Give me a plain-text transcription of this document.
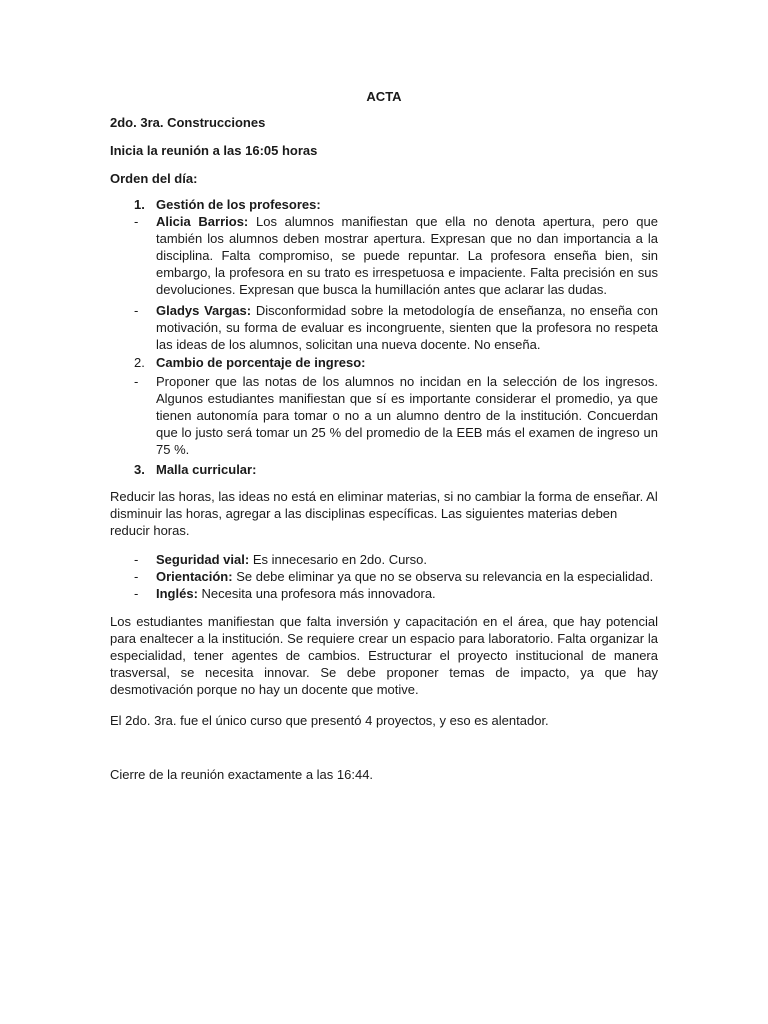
ACTA
2do. 3ra. Construcciones
Inicia la reunión a las 16:05 horas
Orden del día:
1. Gestión de los profesores:
-	Alicia Barrios: Los alumnos manifiestan que ella no denota apertura, pero que también los alumnos deben mostrar apertura. Expresan que no dan importancia a la disciplina. Falta compromiso, se puede repuntar. La profesora enseña bien, sin embargo, la profesora en su trato es irrespetuosa e impaciente. Falta precisión en sus devoluciones. Expresan que busca la humillación antes que aclarar las dudas.
-	Gladys Vargas: Disconformidad sobre la metodología de enseñanza, no enseña con motivación, su forma de evaluar es incongruente, sienten que la profesora no respeta las ideas de los alumnos, solicitan una nueva docente. No enseña.
2. Cambio de porcentaje de ingreso:
-	Proponer que las notas de los alumnos no incidan en la selección de los ingresos. Algunos estudiantes manifiestan que sí es importante considerar el promedio, ya que tienen autonomía para tomar o no a un alumno dentro de la institución. Concuerdan que lo justo será tomar un 25 % del promedio de la EEB más el examen de ingreso un 75 %.
3. Malla curricular:
Reducir las horas, las ideas no está en eliminar materias, si no cambiar la forma de enseñar. Al disminuir las horas, agregar a las disciplinas específicas. Las siguientes materias deben reducir horas.
-	Seguridad vial: Es innecesario en 2do. Curso.
-	Orientación: Se debe eliminar ya que no se observa su relevancia en la especialidad.
-	Inglés: Necesita una profesora más innovadora.
Los estudiantes manifiestan que falta inversión y capacitación en el área, que hay potencial para enaltecer a la institución. Se requiere crear un espacio para laboratorio. Falta organizar la especialidad, tener agentes de cambios. Estructurar el proyecto institucional de manera trasversal, se necesita innovar. Se debe proponer temas de impacto, ya que hay desmotivación porque no hay un docente que motive.
El 2do. 3ra. fue el único curso que presentó 4 proyectos, y eso es alentador.
Cierre de la reunión exactamente a las 16:44.
